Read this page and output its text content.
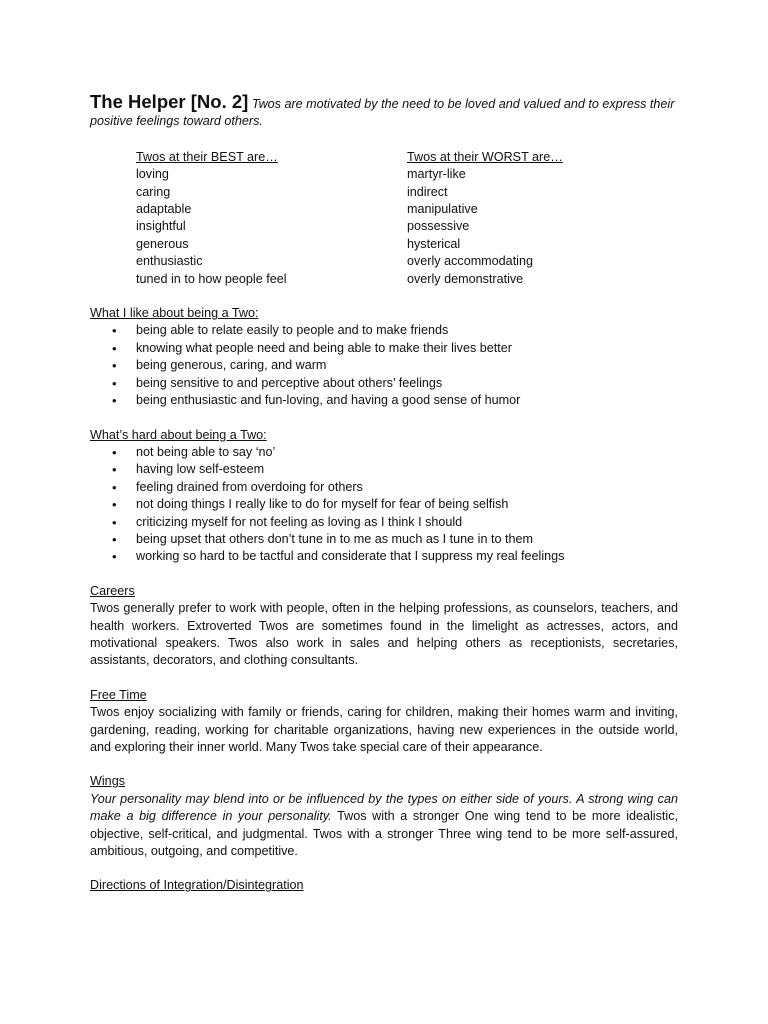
The Helper [No. 2] Twos are motivated by the need to be loved and valued and to express their positive feelings toward others.
Twos at their BEST are…
loving
caring
adaptable
insightful
generous
enthusiastic
tuned in to how people feel
Twos at their WORST are…
martyr-like
indirect
manipulative
possessive
hysterical
overly accommodating
overly demonstrative
What I like about being a Two:
• being able to relate easily to people and to make friends
• knowing what people need and being able to make their lives better
• being generous, caring, and warm
• being sensitive to and perceptive about others’ feelings
• being enthusiastic and fun-loving, and having a good sense of humor
What’s hard about being a Two:
• not being able to say ‘no’
• having low self-esteem
• feeling drained from overdoing for others
• not doing things I really like to do for myself for fear of being selfish
• criticizing myself for not feeling as loving as I think I should
• being upset that others don’t tune in to me as much as I tune in to them
• working so hard to be tactful and considerate that I suppress my real feelings
Careers
Twos generally prefer to work with people, often in the helping professions, as counselors, teachers, and health workers. Extroverted Twos are sometimes found in the limelight as actresses, actors, and motivational speakers. Twos also work in sales and helping others as receptionists, secretaries, assistants, decorators, and clothing consultants.
Free Time
Twos enjoy socializing with family or friends, caring for children, making their homes warm and inviting, gardening, reading, working for charitable organizations, having new experiences in the outside world, and exploring their inner world. Many Twos take special care of their appearance.
Wings
Your personality may blend into or be influenced by the types on either side of yours. A strong wing can make a big difference in your personality. Twos with a stronger One wing tend to be more idealistic, objective, self-critical, and judgmental. Twos with a stronger Three wing tend to be more self-assured, ambitious, outgoing, and competitive.
Directions of Integration/Disintegration
